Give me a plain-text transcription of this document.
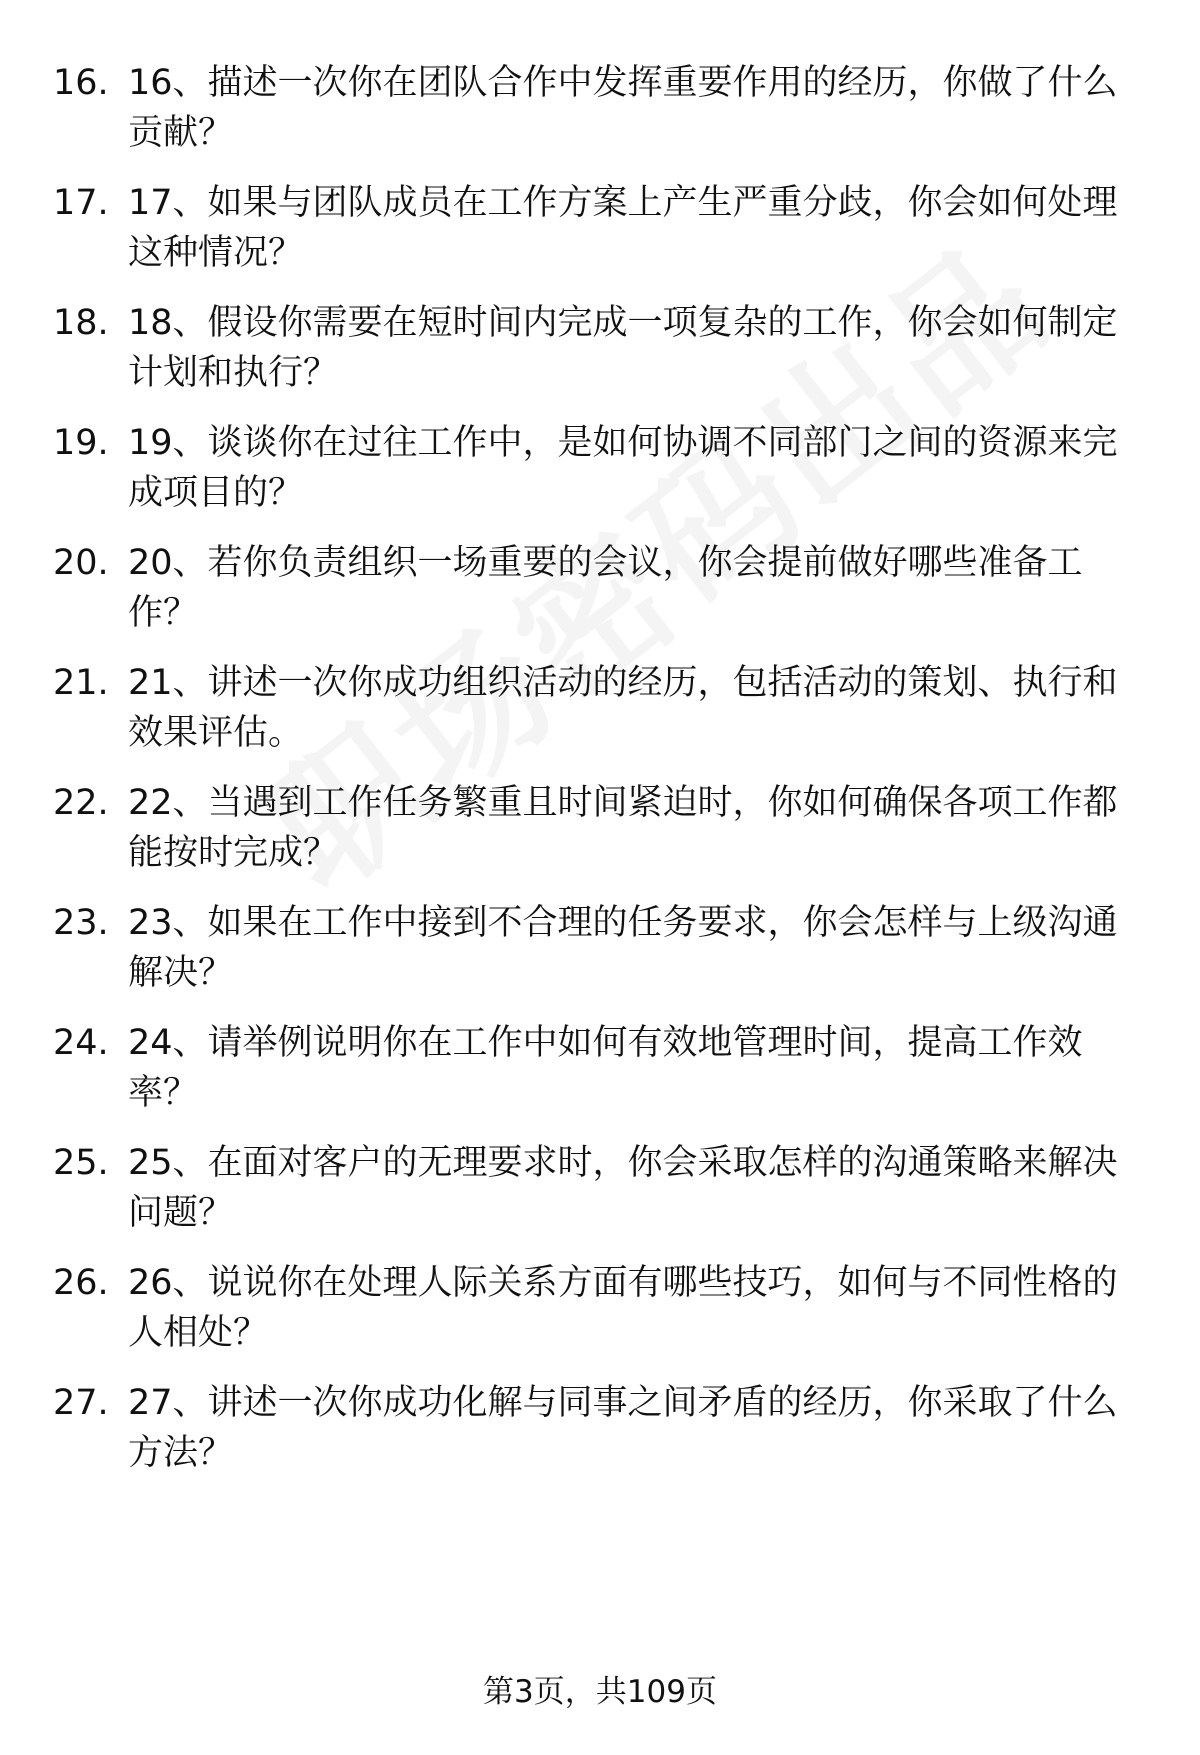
16. 16、描述一次你在团队合作中发挥重要作用的经历，你做了什么贡献？
17. 17、如果与团队成员在工作方案上产生严重分歧，你会如何处理这种情况？
18. 18、假设你需要在短时间内完成一项复杂的工作，你会如何制定计划和执行？
19. 19、谈谈你在过往工作中，是如何协调不同部门之间的资源来完成项目的？
20. 20、若你负责组织一场重要的会议，你会提前做好哪些准备工作？
21. 21、讲述一次你成功组织活动的经历，包括活动的策划、执行和效果评估。
22. 22、当遇到工作任务繁重且时间紧迫时，你如何确保各项工作都能按时完成？
23. 23、如果在工作中接到不合理的任务要求，你会怎样与上级沟通解决？
24. 24、请举例说明你在工作中如何有效地管理时间，提高工作效率？
25. 25、在面对客户的无理要求时，你会采取怎样的沟通策略来解决问题？
26. 26、说说你在处理人际关系方面有哪些技巧，如何与不同性格的人相处？
27. 27、讲述一次你成功化解与同事之间矛盾的经历，你采取了什么方法？
第3页，共109页
